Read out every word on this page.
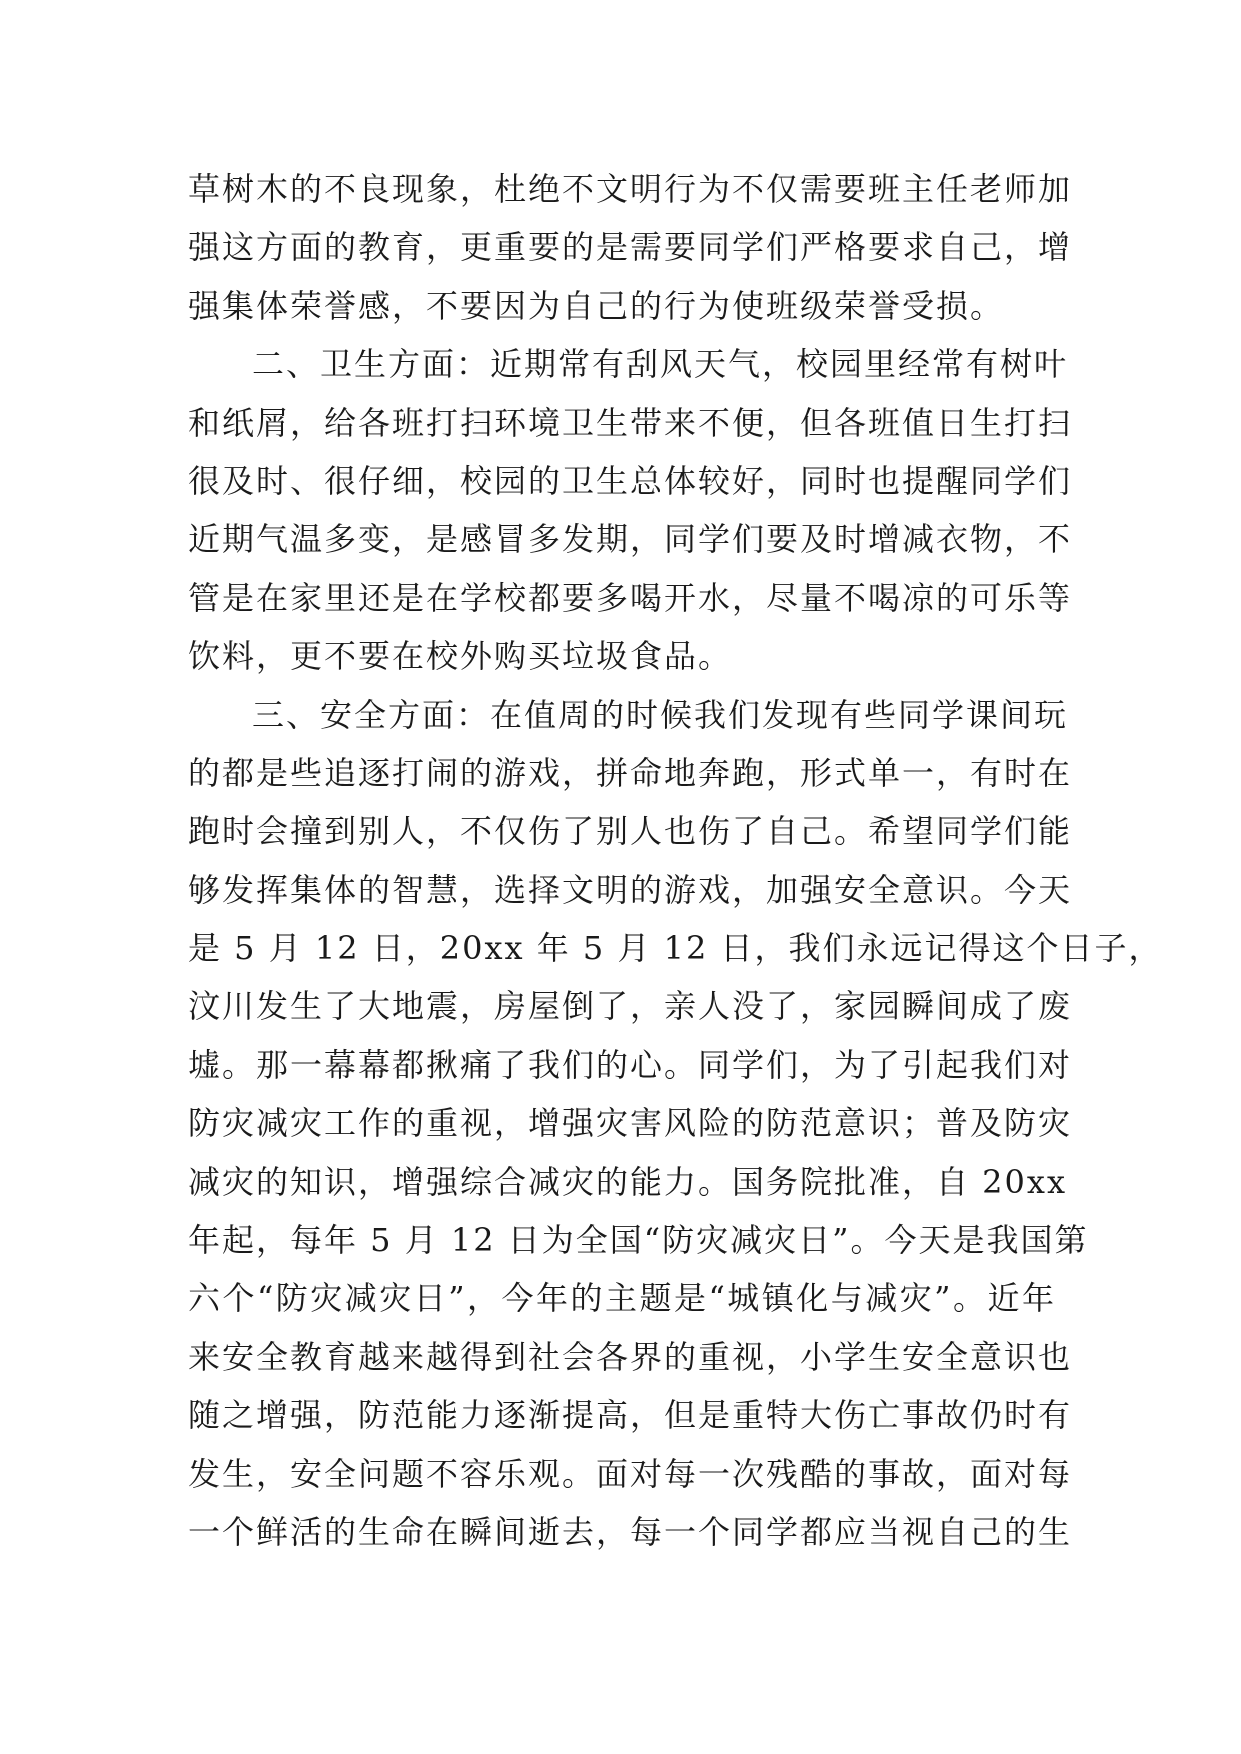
草树木的不良现象，杜绝不文明行为不仅需要班主任老师加
强这方面的教育，更重要的是需要同学们严格要求自己，增
强集体荣誉感，不要因为自己的行为使班级荣誉受损。
二、卫生方面：近期常有刮风天气，校园里经常有树叶
和纸屑，给各班打扫环境卫生带来不便，但各班值日生打扫
很及时、很仔细，校园的卫生总体较好，同时也提醒同学们
近期气温多变，是感冒多发期，同学们要及时增减衣物，不
管是在家里还是在学校都要多喝开水，尽量不喝凉的可乐等
饮料，更不要在校外购买垃圾食品。
三、安全方面：在值周的时候我们发现有些同学课间玩
的都是些追逐打闹的游戏，拼命地奔跑，形式单一，有时在
跑时会撞到别人，不仅伤了别人也伤了自己。希望同学们能
够发挥集体的智慧，选择文明的游戏，加强安全意识。今天
是 5 月 12 日，20xx 年 5 月 12 日，我们永远记得这个日子，
汶川发生了大地震，房屋倒了，亲人没了，家园瞬间成了废
墟。那一幕幕都揪痛了我们的心。同学们，为了引起我们对
防灾减灾工作的重视，增强灾害风险的防范意识；普及防灾
减灾的知识，增强综合减灾的能力。国务院批准，自 20xx
年起，每年 5 月 12 日为全国“防灾减灾日”。今天是我国第
六个“防灾减灾日”，今年的主题是“城镇化与减灾”。近年
来安全教育越来越得到社会各界的重视，小学生安全意识也
随之增强，防范能力逐渐提高，但是重特大伤亡事故仍时有
发生，安全问题不容乐观。面对每一次残酷的事故，面对每
一个鲜活的生命在瞬间逝去，每一个同学都应当视自己的生
